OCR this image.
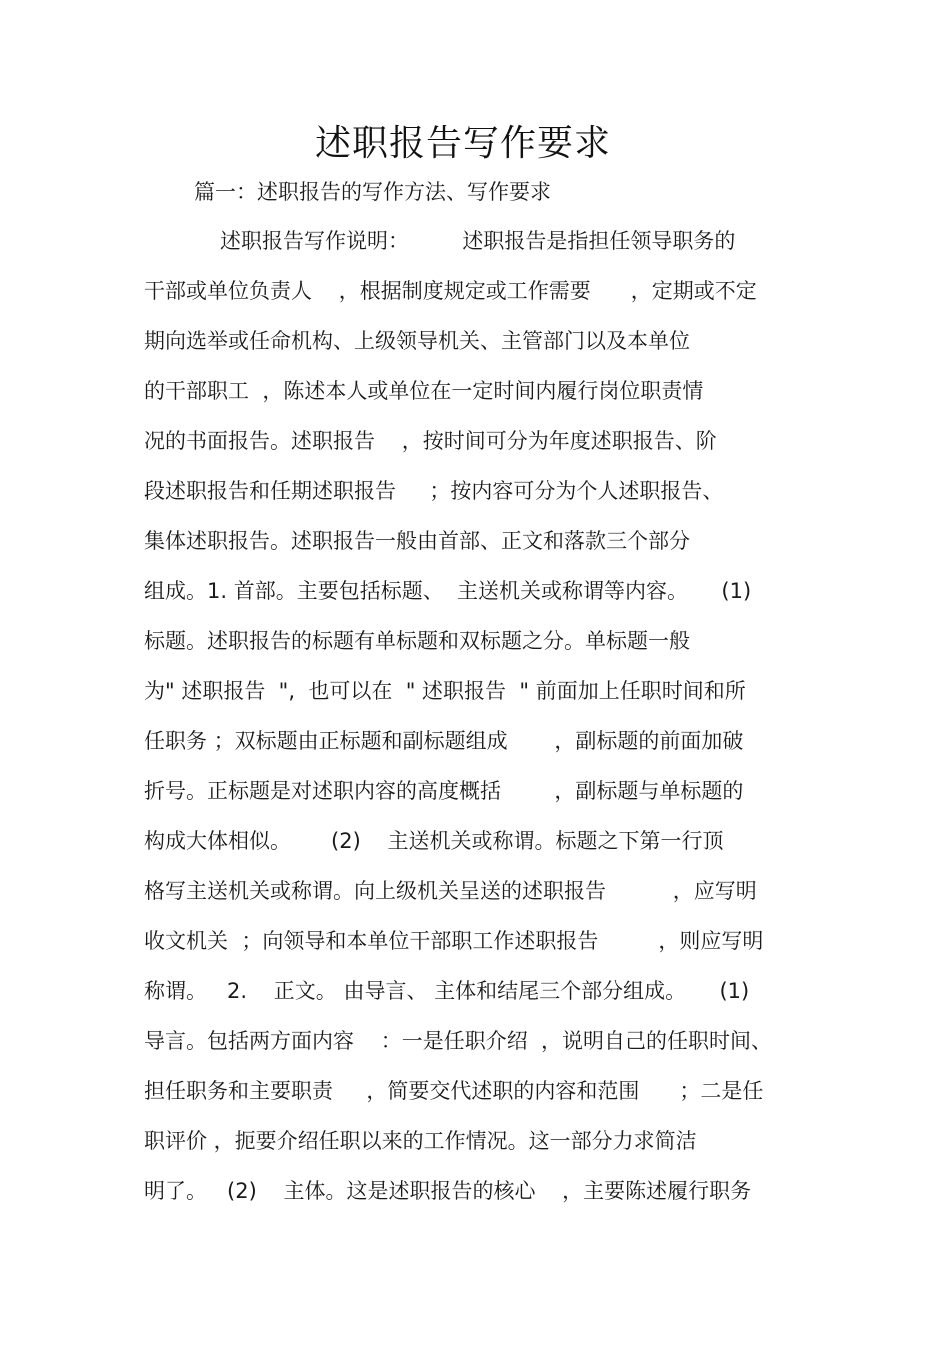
述职报告写作要求
篇一：述职报告的写作方法、写作要求
述职报告写作说明：        述职报告是指担任领导职务的
干部或单位负责人    ，根据制度规定或工作需要      ，定期或不定
期向选举或任命机构、上级领导机关、主管部门以及本单位
的干部职工  ，陈述本人或单位在一定时间内履行岗位职责情
况的书面报告。述职报告    ，按时间可分为年度述职报告、阶
段述职报告和任期述职报告     ；按内容可分为个人述职报告、
集体述职报告。述职报告一般由首部、正文和落款三个部分
组成。1. 首部。主要包括标题、  主送机关或称谓等内容。     (1)
标题。述职报告的标题有单标题和双标题之分。单标题一般
为" 述职报告  ",  也可以在  " 述职报告  " 前面加上任职时间和所
任职务 ；双标题由正标题和副标题组成       ，副标题的前面加破
折号。正标题是对述职内容的高度概括        ，副标题与单标题的
构成大体相似。      (2)    主送机关或称谓。标题之下第一行顶
格写主送机关或称谓。向上级机关呈送的述职报告          ，应写明
收文机关  ；向领导和本单位干部职工作述职报告         ，则应写明
称谓。   2.    正文。 由导言、 主体和结尾三个部分组成。     (1)
导言。包括两方面内容    ：一是任职介绍  ，说明自己的任职时间、
担任职务和主要职责     ，简要交代述职的内容和范围      ；二是任
职评价 ，扼要介绍任职以来的工作情况。这一部分力求简洁
明了。   (2)    主体。这是述职报告的核心    ，主要陈述履行职务
